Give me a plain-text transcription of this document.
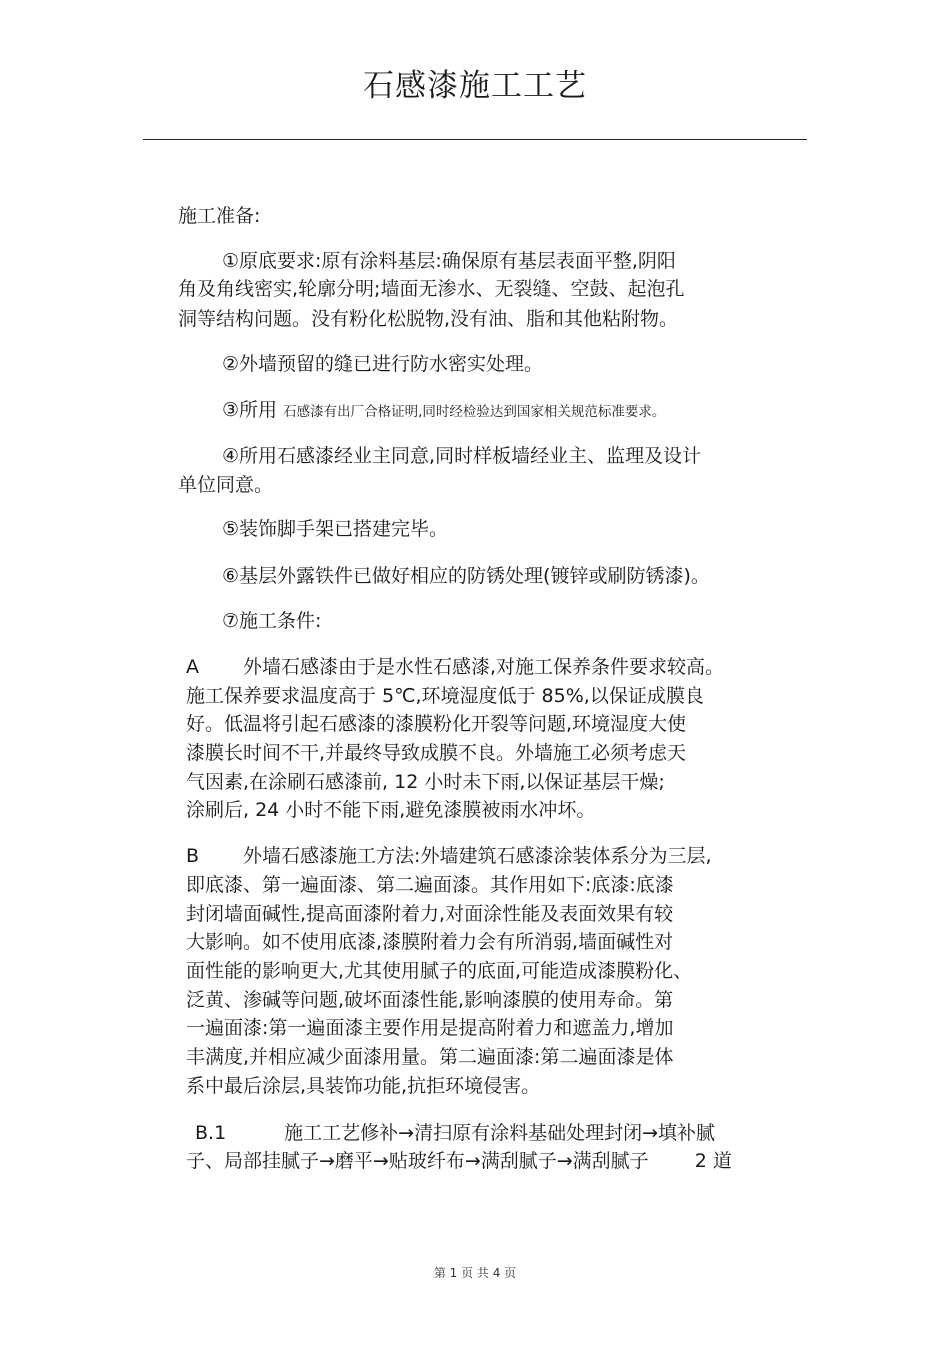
石感漆施工工艺
施工准备:
①原底要求:原有涂料基层:确保原有基层表面平整,阴阳
角及角线密实,轮廓分明;墙面无渗水、无裂缝、空鼓、起泡孔
洞等结构问题。没有粉化松脱物,没有油、脂和其他粘附物。
②外墙预留的缝已进行防水密实处理。
③所用 石感漆有出厂合格证明,同时经检验达到国家相关规范标准要求。
④所用石感漆经业主同意,同时样板墙经业主、监理及设计
单位同意。
⑤装饰脚手架已搭建完毕。
⑥基层外露铁件已做好相应的防锈处理(镀锌或刷防锈漆)。
⑦施工条件:
A 外墙石感漆由于是水性石感漆,对施工保养条件要求较高。
施工保养要求温度高于 5℃,环境湿度低于 85%,以保证成膜良
好。低温将引起石感漆的漆膜粉化开裂等问题,环境湿度大使
漆膜长时间不干,并最终导致成膜不良。外墙施工必须考虑天
气因素,在涂刷石感漆前, 12 小时未下雨,以保证基层干燥;
涂刷后, 24 小时不能下雨,避免漆膜被雨水冲坏。
B 外墙石感漆施工方法:外墙建筑石感漆涂装体系分为三层,
即底漆、第一遍面漆、第二遍面漆。其作用如下:底漆:底漆
封闭墙面碱性,提高面漆附着力,对面涂性能及表面效果有较
大影响。如不使用底漆,漆膜附着力会有所消弱,墙面碱性对
面性能的影响更大,尤其使用腻子的底面,可能造成漆膜粉化、
泛黄、渗碱等问题,破坏面漆性能,影响漆膜的使用寿命。第
一遍面漆:第一遍面漆主要作用是提高附着力和遮盖力,增加
丰满度,并相应减少面漆用量。第二遍面漆:第二遍面漆是体
系中最后涂层,具装饰功能,抗拒环境侵害。
B.1	施工工艺修补→清扫原有涂料基础处理封闭→填补腻
子、局部挂腻子→磨平→贴玻纤布→满刮腻子→满刮腻子 2 道
第 1 页 共 4 页
